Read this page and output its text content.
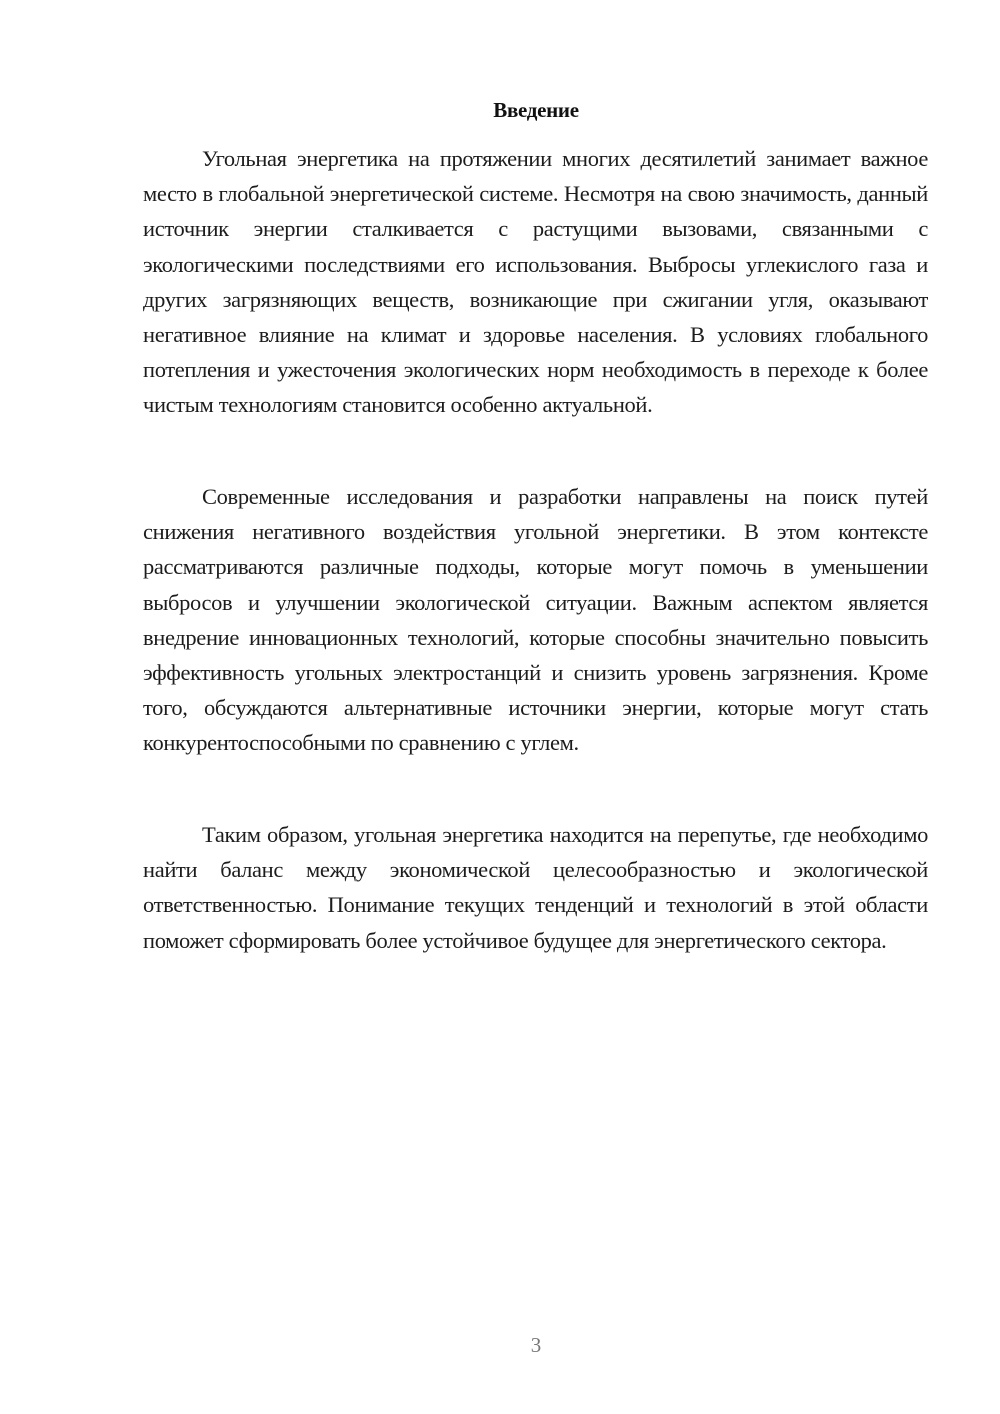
Введение

Угольная энергетика на протяжении многих десятилетий занимает важное место в глобальной энергетической системе. Несмотря на свою значимость, данный источник энергии сталкивается с растущими вызовами, связанными с экологическими последствиями его использования. Выбросы углекислого газа и других загрязняющих веществ, возникающие при сжигании угля, оказывают негативное влияние на климат и здоровье населения. В условиях глобального потепления и ужесточения экологических норм необходимость в переходе к более чистым технологиям становится особенно актуальной.

Современные исследования и разработки направлены на поиск путей снижения негативного воздействия угольной энергетики. В этом контексте рассматриваются различные подходы, которые могут помочь в уменьшении выбросов и улучшении экологической ситуации. Важным аспектом является внедрение инновационных технологий, которые способны значительно повысить эффективность угольных электростанций и снизить уровень загрязнения. Кроме того, обсуждаются альтернативные источники энергии, которые могут стать конкурентоспособными по сравнению с углем.

Таким образом, угольная энергетика находится на перепутье, где необходимо найти баланс между экономической целесообразностью и экологической ответственностью. Понимание текущих тенденций и технологий в этой области поможет сформировать более устойчивое будущее для энергетического сектора.

3
